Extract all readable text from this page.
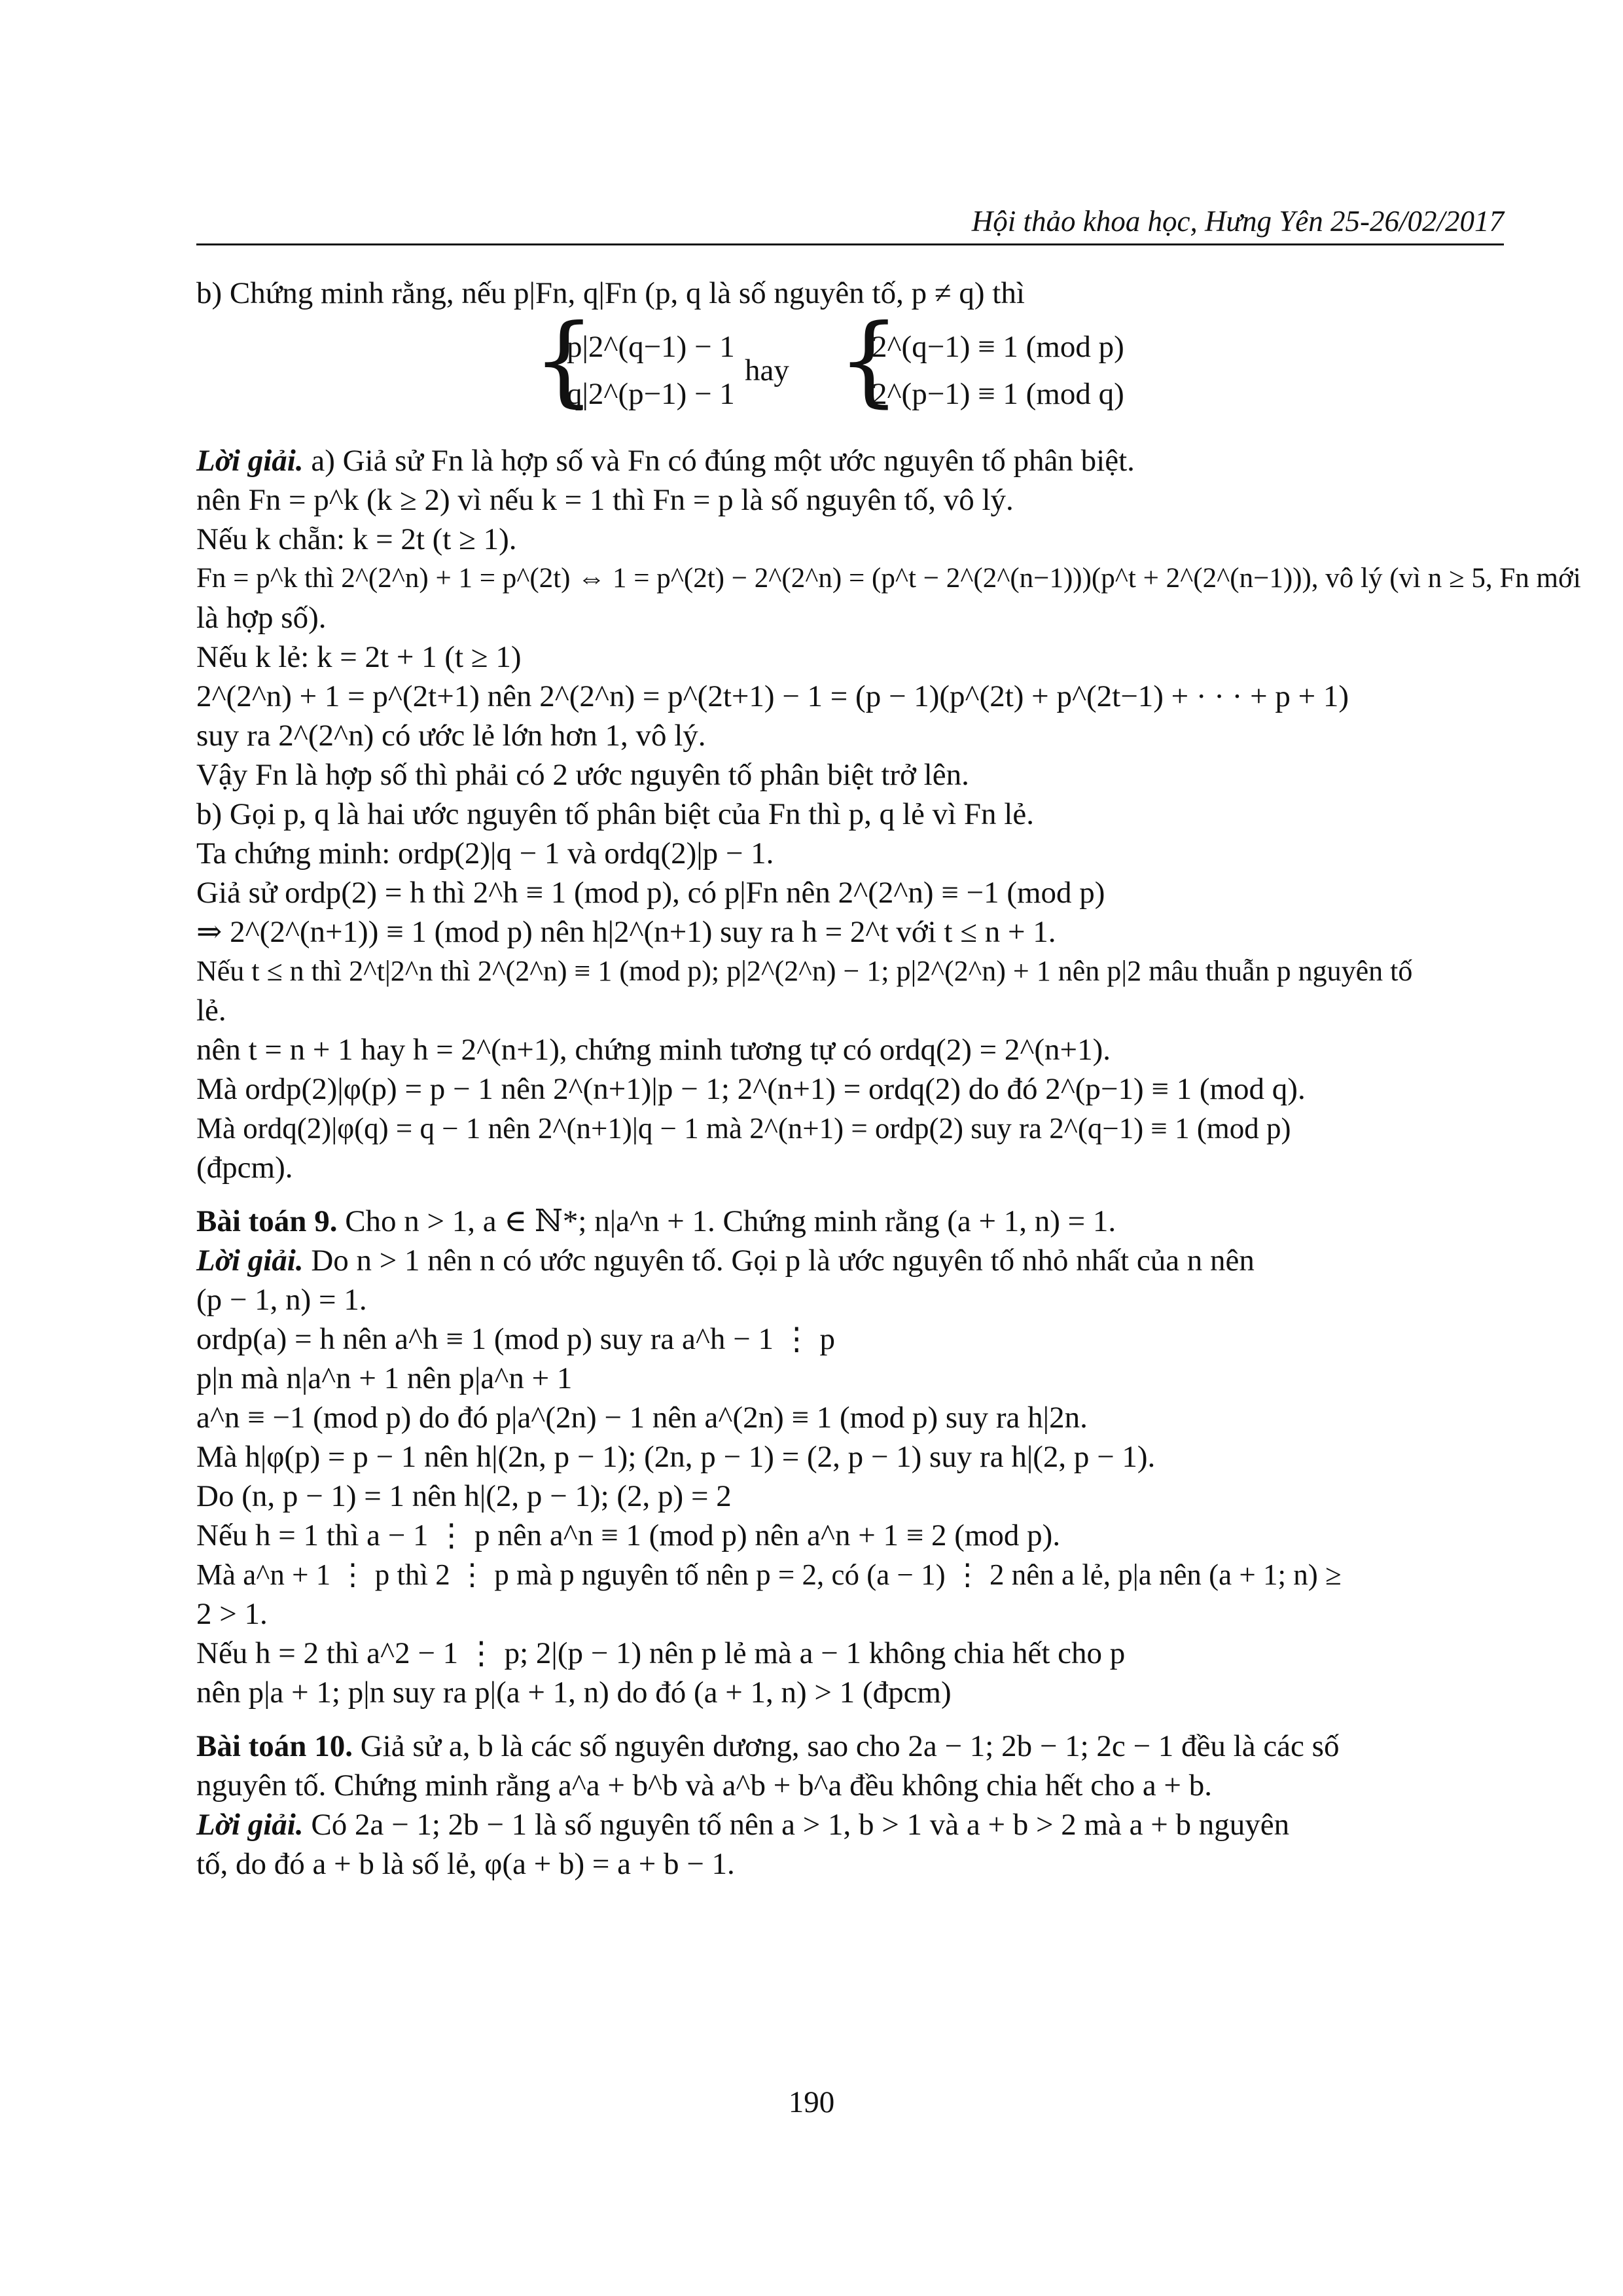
Hội thảo khoa học, Hưng Yên 25-26/02/2017
b) Chứng minh rằng, nếu p|Fn, q|Fn (p, q là số nguyên tố, p ≠ q) thì
{
p|2^(q−1) − 1
q|2^(p−1) − 1
hay {
2^(q−1) ≡ 1 (mod p)
2^(p−1) ≡ 1 (mod q)
Lời giải. a) Giả sử Fn là hợp số và Fn có đúng một ước nguyên tố phân biệt.
nên Fn = p^k (k ≥ 2) vì nếu k = 1 thì Fn = p là số nguyên tố, vô lý.
Nếu k chẵn: k = 2t (t ≥ 1).
Fn = p^k thì 2^(2^n) + 1 = p^(2t) ⇔ 1 = p^(2t) − 2^(2^n) = (p^t − 2^(2^(n−1)))(p^t + 2^(2^(n−1))), vô lý (vì n ≥ 5, Fn mới
là hợp số).
Nếu k lẻ: k = 2t + 1 (t ≥ 1)
2^(2^n) + 1 = p^(2t+1) nên 2^(2^n) = p^(2t+1) − 1 = (p − 1)(p^(2t) + p^(2t−1) + · · · + p + 1)
suy ra 2^(2^n) có ước lẻ lớn hơn 1, vô lý.
Vậy Fn là hợp số thì phải có 2 ước nguyên tố phân biệt trở lên.
b) Gọi p, q là hai ước nguyên tố phân biệt của Fn thì p, q lẻ vì Fn lẻ.
Ta chứng minh: ordp(2)|q − 1 và ordq(2)|p − 1.
Giả sử ordp(2) = h thì 2^h ≡ 1 (mod p), có p|Fn nên 2^(2^n) ≡ −1 (mod p)
⇒ 2^(2^(n+1)) ≡ 1 (mod p) nên h|2^(n+1) suy ra h = 2^t với t ≤ n + 1.
Nếu t ≤ n thì 2^t|2^n thì 2^(2^n) ≡ 1 (mod p); p|2^(2^n) − 1; p|2^(2^n) + 1 nên p|2 mâu thuẫn p nguyên tố
lẻ.
nên t = n + 1 hay h = 2^(n+1), chứng minh tương tự có ordq(2) = 2^(n+1).
Mà ordp(2)|φ(p) = p − 1 nên 2^(n+1)|p − 1; 2^(n+1) = ordq(2) do đó 2^(p−1) ≡ 1 (mod q).
Mà ordq(2)|φ(q) = q − 1 nên 2^(n+1)|q − 1 mà 2^(n+1) = ordp(2) suy ra 2^(q−1) ≡ 1 (mod p)
(đpcm).
Bài toán 9. Cho n > 1, a ∈ ℕ*; n|a^n + 1. Chứng minh rằng (a + 1, n) = 1.
Lời giải. Do n > 1 nên n có ước nguyên tố. Gọi p là ước nguyên tố nhỏ nhất của n nên
(p − 1, n) = 1.
ordp(a) = h nên a^h ≡ 1 (mod p) suy ra a^h − 1 ⋮ p
p|n mà n|a^n + 1 nên p|a^n + 1
a^n ≡ −1 (mod p) do đó p|a^(2n) − 1 nên a^(2n) ≡ 1 (mod p) suy ra h|2n.
Mà h|φ(p) = p − 1 nên h|(2n, p − 1); (2n, p − 1) = (2, p − 1) suy ra h|(2, p − 1).
Do (n, p − 1) = 1 nên h|(2, p − 1); (2, p) = 2
Nếu h = 1 thì a − 1 ⋮ p nên a^n ≡ 1 (mod p) nên a^n + 1 ≡ 2 (mod p).
Mà a^n + 1 ⋮ p thì 2 ⋮ p mà p nguyên tố nên p = 2, có (a − 1) ⋮ 2 nên a lẻ, p|a nên (a + 1; n) ≥
2 > 1.
Nếu h = 2 thì a^2 − 1 ⋮ p; 2|(p − 1) nên p lẻ mà a − 1 không chia hết cho p
nên p|a + 1; p|n suy ra p|(a + 1, n) do đó (a + 1, n) > 1 (đpcm)
Bài toán 10. Giả sử a, b là các số nguyên dương, sao cho 2a − 1; 2b − 1; 2c − 1 đều là các số
nguyên tố. Chứng minh rằng a^a + b^b và a^b + b^a đều không chia hết cho a + b.
Lời giải. Có 2a − 1; 2b − 1 là số nguyên tố nên a > 1, b > 1 và a + b > 2 mà a + b nguyên
tố, do đó a + b là số lẻ, φ(a + b) = a + b − 1.
190
